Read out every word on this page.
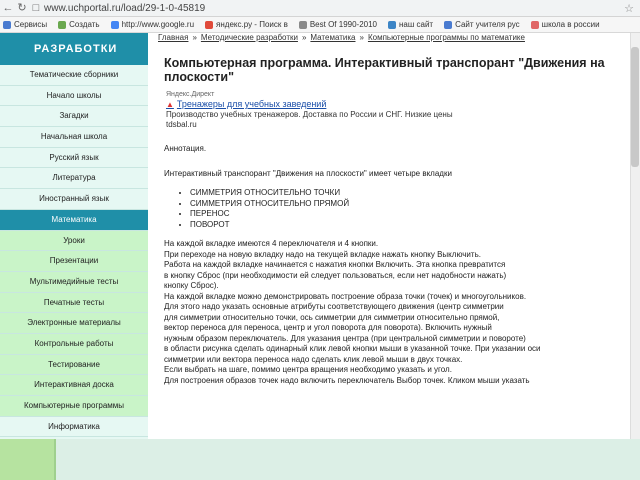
← ↻ □ www.uchportal.ru/load/29-1-0-45819	☆
Сервисы	Создать	http://www.google.ru	яндекс.ру - Поиск в	Best Of 1990-2010	наш сайт	Сайт учителя рус	школа в россии
РАЗРАБОТКИ
Тематические сборники
Начало школы
Загадки
Начальная школа
Русский язык
Литература
Иностранный язык
Математика
Уроки
Презентации
Мультимедийные тесты
Печатные тесты
Электронные материалы
Контрольные работы
Тестирование
Интерактивная доска
Компьютерные программы
Информатика
Главная » Методические разработки » Математика » Компьютерные программы по математике
Компьютерная программа. Интерактивный транспорант "Движения на плоскости"
Яндекс.Директ
▲ Тренажеры для учебных заведений
Производство учебных тренажеров. Доставка по России и СНГ. Низкие цены
tdsbal.ru

Аннотация.

Интерактивный транспорант "Движения на плоскости" имеет четыре вкладки

• СИММЕТРИЯ ОТНОСИТЕЛЬНО ТОЧКИ
• СИММЕТРИЯ ОТНОСИТЕЛЬНО ПРЯМОЙ
• ПЕРЕНОС
• ПОВОРОТ

На каждой вкладке имеются 4 переключателя и 4 кнопки.

При переходе на новую вкладку надо на текущей вкладке нажать кнопку Выключить.

Работа на каждой вкладке начинается с нажатия кнопки Включить. Эта кнопка превратится

в кнопку Сброс (при необходимости ей следует пользоваться, если нет надобности нажать)

кнопку Сброс).

На каждой вкладке можно демонстрировать построение образа точки (точек) и многоугольников.

Для этого надо указать основные атрибуты соответствующего движения (центр симметрии

для симметрии относительно точки, ось симметрии для симметрии относительно прямой,

вектор переноса для переноса, центр и угол поворота для поворота). Включить нужный

нужным образом переключатель. Для указания центра (при центральной симметрии и повороте)

в области рисунка сделать одинарный клик левой кнопки мыши в указанной точке. При указании оси

симметрии или вектора переноса надо сделать клик левой мыши в двух точках.

Если выбрать на шаге, помимо центра вращения необходимо указать и угол.

Для построения образов точек надо включить переключатель Выбор точек. Кликом мыши указать
